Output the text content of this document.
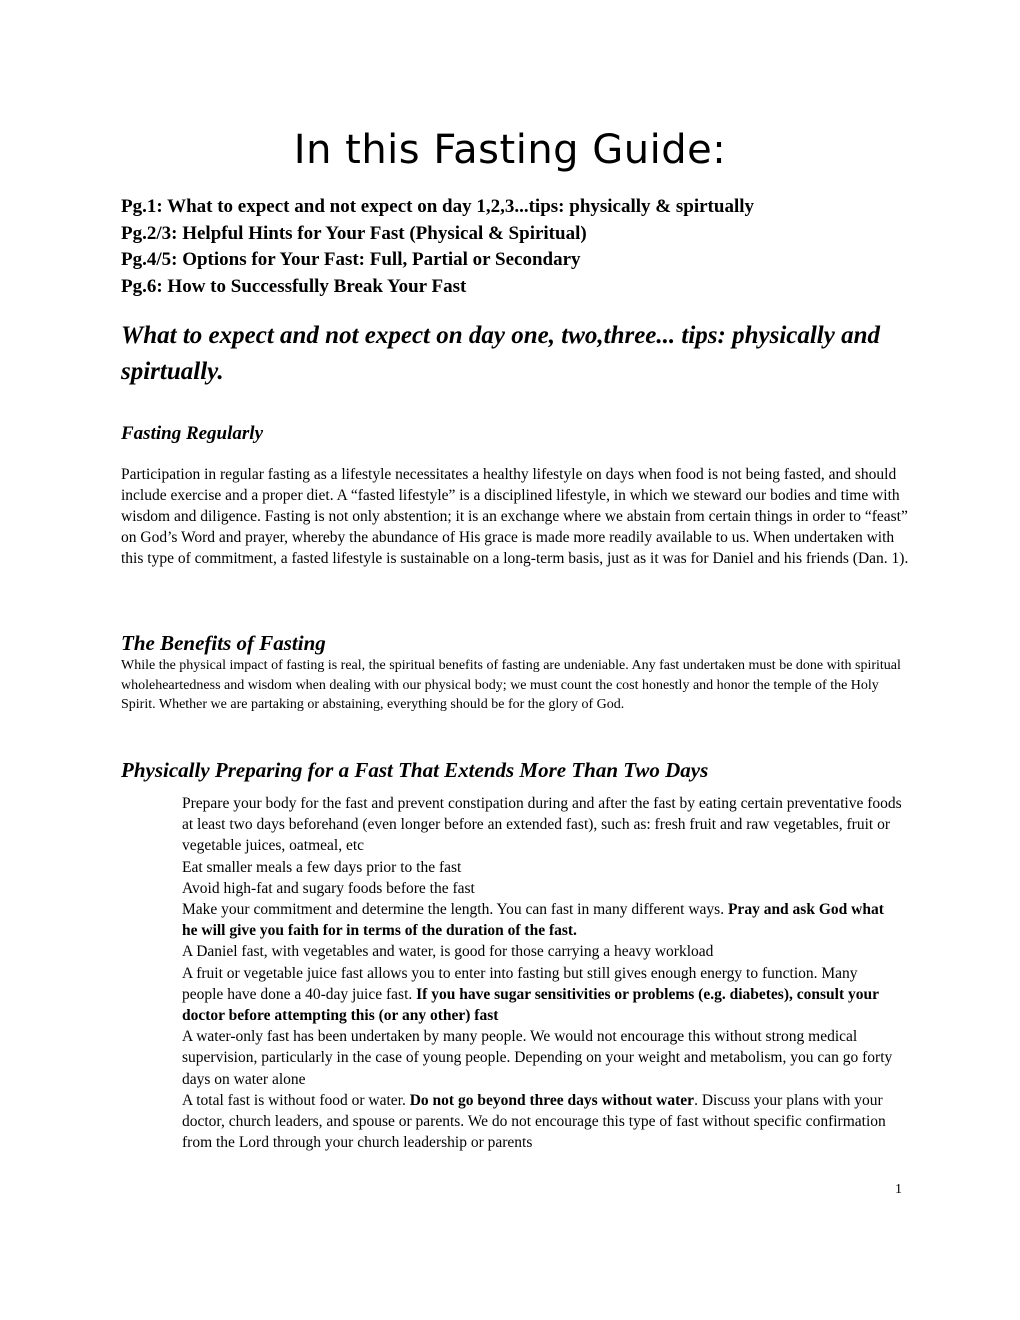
In this Fasting Guide:
Pg.1: What to expect and not expect on day 1,2,3...tips: physically & spirtually
Pg.2/3: Helpful Hints for Your Fast (Physical & Spiritual)
Pg.4/5: Options for Your Fast: Full, Partial or Secondary
Pg.6: How to Successfully Break Your Fast
What to expect and not expect on day one, two,three... tips: physically and spirtually.
Fasting Regularly

Participation in regular fasting as a lifestyle necessitates a healthy lifestyle on days when food is not being fasted, and should include exercise and a proper diet. A “fasted lifestyle” is a disciplined lifestyle, in which we steward our bodies and time with wisdom and diligence. Fasting is not only abstention; it is an exchange where we abstain from certain things in order to “feast” on God’s Word and prayer, whereby the abundance of His grace is made more readily available to us. When undertaken with this type of commitment, a fasted lifestyle is sustainable on a long-term basis, just as it was for Daniel and his friends (Dan. 1).

The Benefits of Fasting

While the physical impact of fasting is real, the spiritual benefits of fasting are undeniable. Any fast undertaken must be done with spiritual wholeheartedness and wisdom when dealing with our physical body; we must count the cost honestly and honor the temple of the Holy Spirit. Whether we are partaking or abstaining, everything should be for the glory of God.

Physically Preparing for a Fast That Extends More Than Two Days
Prepare your body for the fast and prevent constipation during and after the fast by eating certain preventative foods at least two days beforehand (even longer before an extended fast), such as: fresh fruit and raw vegetables, fruit or vegetable juices, oatmeal, etc
Eat smaller meals a few days prior to the fast
Avoid high-fat and sugary foods before the fast
Make your commitment and determine the length. You can fast in many different ways. Pray and ask God what he will give you faith for in terms of the duration of the fast.
A Daniel fast, with vegetables and water, is good for those carrying a heavy workload
A fruit or vegetable juice fast allows you to enter into fasting but still gives enough energy to function. Many people have done a 40-day juice fast. If you have sugar sensitivities or problems (e.g. diabetes), consult your doctor before attempting this (or any other) fast
A water-only fast has been undertaken by many people. We would not encourage this without strong medical supervision, particularly in the case of young people. Depending on your weight and metabolism, you can go forty days on water alone
A total fast is without food or water. Do not go beyond three days without water. Discuss your plans with your doctor, church leaders, and spouse or parents. We do not encourage this type of fast without specific confirmation from the Lord through your church leadership or parents
1
